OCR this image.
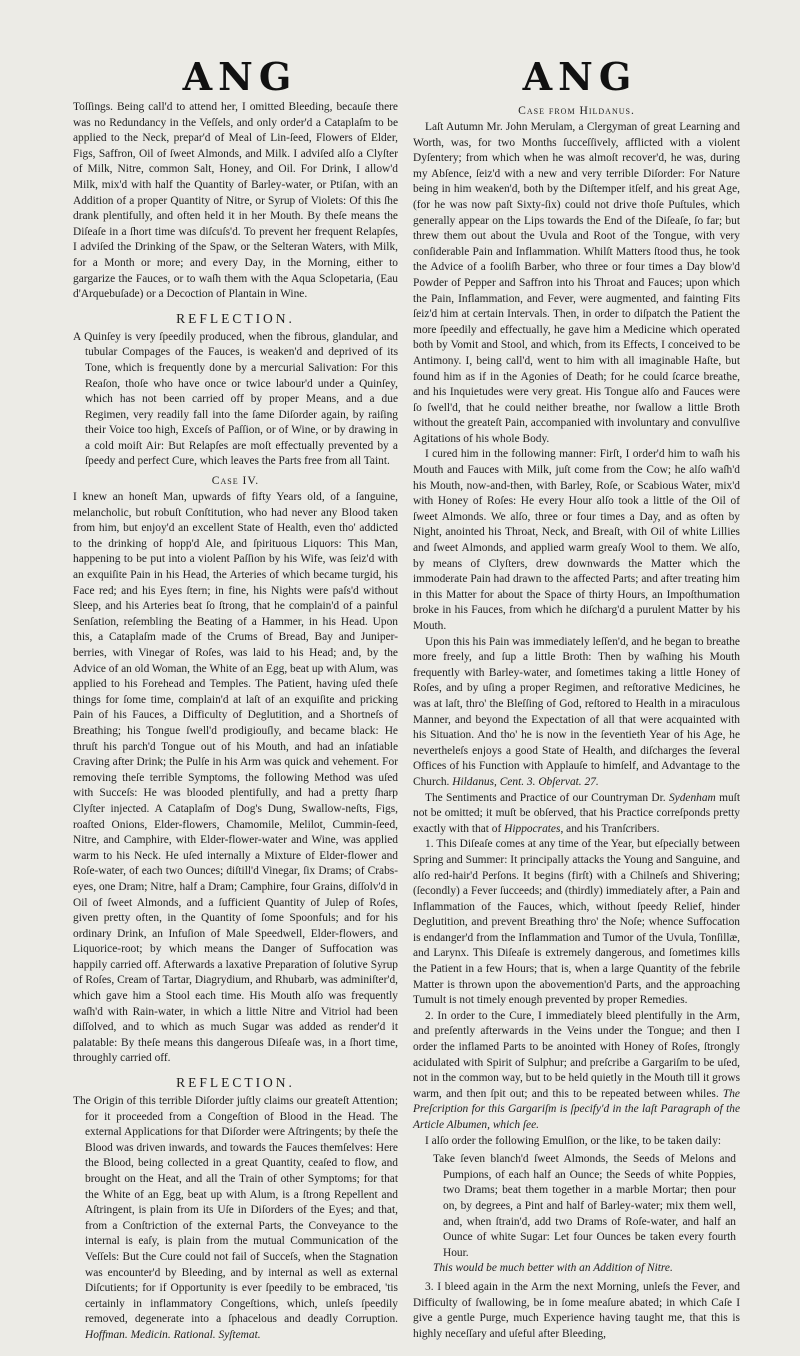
ANG	ANG

Toſſings. Being call'd to attend her, I omitted Bleeding, becauſe there was no Redundancy in the Veſſels, and only order'd a Cataplaſm to be applied to the Neck, prepar'd of Meal of Lin-ſeed, Flowers of Elder, Figs, Saffron, Oil of ſweet Almonds, and Milk. I adviſed alſo a Clyſter of Milk, Nitre, common Salt, Honey, and Oil. For Drink, I allow'd Milk, mix'd with half the Quantity of Barley-water, or Ptiſan, with an Addition of a proper Quantity of Nitre, or Syrup of Violets: Of this ſhe drank plentifully, and often held it in her Mouth. By theſe means the Diſeaſe in a ſhort time was diſcuſs'd. To prevent her frequent Relapſes, I adviſed the Drinking of the Spaw, or the Selteran Waters, with Milk, for a Month or more; and every Day, in the Morning, either to gargarize the Fauces, or to waſh them with the Aqua Sclopetaria, (Eau d'Arquebuſade) or a Decoction of Plantain in Wine.

REFLECTION.

A Quinſey is very ſpeedily produced, when the fibrous, glandular, and tubular Compages of the Fauces, is weaken'd and deprived of its Tone, which is frequently done by a mercurial Salivation: For this Reaſon, thoſe who have once or twice labour'd under a Quinſey, which has not been carried off by proper Means, and a due Regimen, very readily fall into the ſame Diſorder again, by raiſing their Voice too high, Exceſs of Paſſion, or of Wine, or by drawing in a cold moiſt Air: But Relapſes are moſt effectually prevented by a ſpeedy and perfect Cure, which leaves the Parts free from all Taint.

Case IV.

I knew an honeſt Man, upwards of fifty Years old, of a ſanguine, melancholic, but robuſt Conſtitution, who had never any Blood taken from him, but enjoy'd an excellent State of Health, even tho' addicted to the drinking of hopp'd Ale, and ſpirituous Liquors: This Man, happening to be put into a violent Paſſion by his Wife, was ſeiz'd with an exquiſite Pain in his Head, the Arteries of which became turgid, his Face red; and his Eyes ſtern; in fine, his Nights were paſs'd without Sleep, and his Arteries beat ſo ſtrong, that he complain'd of a painful Senſation, reſembling the Beating of a Hammer, in his Head. Upon this, a Cataplaſm made of the Crums of Bread, Bay and Juniper-berries, with Vinegar of Roſes, was laid to his Head; and, by the Advice of an old Woman, the White of an Egg, beat up with Alum, was applied to his Forehead and Temples. The Patient, having uſed theſe things for ſome time, complain'd at laſt of an exquiſite and pricking Pain of his Fauces, a Difficulty of Deglutition, and a Shortneſs of Breathing; his Tongue ſwell'd prodigiouſly, and became black: He thruſt his parch'd Tongue out of his Mouth, and had an inſatiable Craving after Drink; the Pulſe in his Arm was quick and vehement. For removing theſe terrible Symptoms, the following Method was uſed with Succeſs: He was blooded plentifully, and had a pretty ſharp Clyſter injected. A Cataplaſm of Dog's Dung, Swallow-neſts, Figs, roaſted Onions, Elder-flowers, Chamomile, Melilot, Cummin-ſeed, Nitre, and Camphire, with Elder-flower-water and Wine, was applied warm to his Neck. He uſed internally a Mixture of Elder-flower and Roſe-water, of each two Ounces; diſtill'd Vinegar, ſix Drams; of Crabs-eyes, one Dram; Nitre, half a Dram; Camphire, four Grains, diſſolv'd in Oil of ſweet Almonds, and a ſufficient Quantity of Julep of Roſes, given pretty often, in the Quantity of ſome Spoonfuls; and for his ordinary Drink, an Infuſion of Male Speedwell, Elder-flowers, and Liquorice-root; by which means the Danger of Suffocation was happily carried off. Afterwards a laxative Preparation of ſolutive Syrup of Roſes, Cream of Tartar, Diagrydium, and Rhubarb, was adminiſter'd, which gave him a Stool each time. His Mouth alſo was frequently waſh'd with Rain-water, in which a little Nitre and Vitriol had been diſſolved, and to which as much Sugar was added as render'd it palatable: By theſe means this dangerous Diſeaſe was, in a ſhort time, throughly carried off.

REFLECTION.

The Origin of this terrible Diſorder juſtly claims our greateſt Attention; for it proceeded from a Congeſtion of Blood in the Head. The external Applications for that Diſorder were Aſtringents; by theſe the Blood was driven inwards, and towards the Fauces themſelves: Here the Blood, being collected in a great Quantity, ceaſed to flow, and brought on the Heat, and all the Train of other Symptoms; for that the White of an Egg, beat up with Alum, is a ſtrong Repellent and Aſtringent, is plain from its Uſe in Diſorders of the Eyes; and that, from a Conſtriction of the external Parts, the Conveyance to the internal is eaſy, is plain from the mutual Communication of the Veſſels: But the Cure could not fail of Succeſs, when the Stagnation was encounter'd by Bleeding, and by internal as well as external Diſcutients; for if Opportunity is ever ſpeedily to be embraced, 'tis certainly in inflammatory Congeſtions, which, unleſs ſpeedily removed, degenerate into a ſphacelous and deadly Corruption. Hoffman. Medicin. Rational. Syſtemat.

Case from Hildanus.

Laſt Autumn Mr. John Merulam, a Clergyman of great Learning and Worth, was, for two Months ſucceſſively, afflicted with a violent Dyſentery; from which when he was almoſt recover'd, he was, during my Abſence, ſeiz'd with a new and very terrible Diſorder: For Nature being in him weaken'd, both by the Diſtemper itſelf, and his great Age, (for he was now paſt Sixty-ſix) could not drive thoſe Puſtules, which generally appear on the Lips towards the End of the Diſeaſe, ſo far; but threw them out about the Uvula and Root of the Tongue, with very conſiderable Pain and Inflammation. Whilſt Matters ſtood thus, he took the Advice of a fooliſh Barber, who three or four times a Day blow'd Powder of Pepper and Saffron into his Throat and Fauces; upon which the Pain, Inflammation, and Fever, were augmented, and fainting Fits ſeiz'd him at certain Intervals. Then, in order to diſpatch the Patient the more ſpeedily and effectually, he gave him a Medicine which operated both by Vomit and Stool, and which, from its Effects, I conceived to be Antimony. I, being call'd, went to him with all imaginable Haſte, but found him as if in the Agonies of Death; for he could ſcarce breathe, and his Inquietudes were very great. His Tongue alſo and Fauces were ſo ſwell'd, that he could neither breathe, nor ſwallow a little Broth without the greateſt Pain, accompanied with involuntary and convulſive Agitations of his whole Body.

I cured him in the following manner: Firſt, I order'd him to waſh his Mouth and Fauces with Milk, juſt come from the Cow; he alſo waſh'd his Mouth, now-and-then, with Barley, Roſe, or Scabious Water, mix'd with Honey of Roſes: He every Hour alſo took a little of the Oil of ſweet Almonds. We alſo, three or four times a Day, and as often by Night, anointed his Throat, Neck, and Breaſt, with Oil of white Lillies and ſweet Almonds, and applied warm greaſy Wool to them. We alſo, by means of Clyſters, drew downwards the Matter which the immoderate Pain had drawn to the affected Parts; and after treating him in this Matter for about the Space of thirty Hours, an Impoſthumation broke in his Fauces, from which he diſcharg'd a purulent Matter by his Mouth.

Upon this his Pain was immediately leſſen'd, and he began to breathe more freely, and ſup a little Broth: Then by waſhing his Mouth frequently with Barley-water, and ſometimes taking a little Honey of Roſes, and by uſing a proper Regimen, and reſtorative Medicines, he was at laſt, thro' the Bleſſing of God, reſtored to Health in a miraculous Manner, and beyond the Expectation of all that were acquainted with his Situation. And tho' he is now in the ſeventieth Year of his Age, he nevertheleſs enjoys a good State of Health, and diſcharges the ſeveral Offices of his Function with Applauſe to himſelf, and Advantage to the Church. Hildanus, Cent. 3. Obſervat. 27.

The Sentiments and Practice of our Countryman Dr. Sydenham muſt not be omitted; it muſt be obſerved, that his Practice correſponds pretty exactly with that of Hippocrates, and his Tranſcribers.

1. This Diſeaſe comes at any time of the Year, but eſpecially between Spring and Summer: It principally attacks the Young and Sanguine, and alſo red-hair'd Perſons. It begins (firſt) with a Chilneſs and Shivering; (ſecondly) a Fever ſucceeds; and (thirdly) immediately after, a Pain and Inflammation of the Fauces, which, without ſpeedy Relief, hinder Deglutition, and prevent Breathing thro' the Noſe; whence Suffocation is endanger'd from the Inflammation and Tumor of the Uvula, Tonſillæ, and Larynx. This Diſeaſe is extremely dangerous, and ſometimes kills the Patient in a few Hours; that is, when a large Quantity of the febrile Matter is thrown upon the abovemention'd Parts, and the approaching Tumult is not timely enough prevented by proper Remedies.

2. In order to the Cure, I immediately bleed plentifully in the Arm, and preſently afterwards in the Veins under the Tongue; and then I order the inflamed Parts to be anointed with Honey of Roſes, ſtrongly acidulated with Spirit of Sulphur; and preſcribe a Gargariſm to be uſed, not in the common way, but to be held quietly in the Mouth till it grows warm, and then ſpit out; and this to be repeated between whiles. The Preſcription for this Gargariſm is ſpecify'd in the laſt Paragraph of the Article Albumen, which ſee.

I alſo order the following Emulſion, or the like, to be taken daily:

Take ſeven blanch'd ſweet Almonds, the Seeds of Melons and Pumpions, of each half an Ounce; the Seeds of white Poppies, two Drams; beat them together in a marble Mortar; then pour on, by degrees, a Pint and half of Barley-water; mix them well, and, when ſtrain'd, add two Drams of Roſe-water, and half an Ounce of white Sugar: Let four Ounces be taken every fourth Hour.

This would be much better with an Addition of Nitre.

3. I bleed again in the Arm the next Morning, unleſs the Fever, and Difficulty of ſwallowing, be in ſome meaſure abated; in which Caſe I give a gentle Purge, much Experience having taught me, that this is highly neceſſary and uſeful after Bleeding,
